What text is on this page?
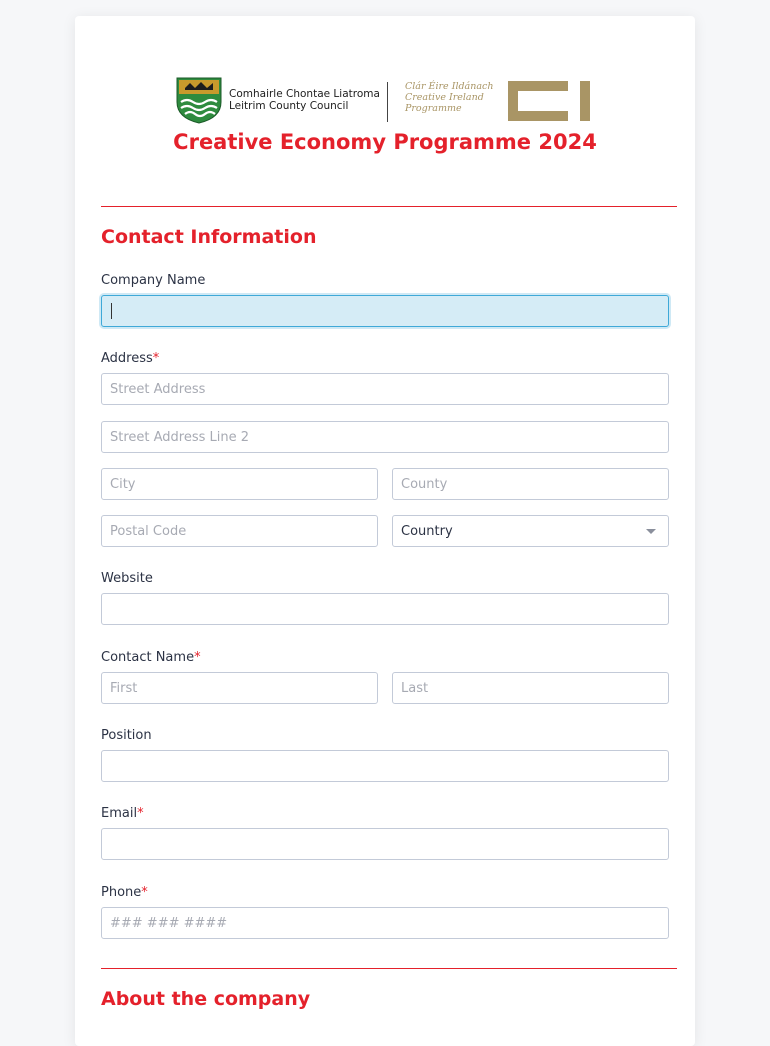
Comhairle Chontae Liatroma
Leitrim County Council
Clár Éire Ildánach
Creative Ireland
Programme
Creative Economy Programme 2024
Contact Information
Company Name
Address*
Street Address
Street Address Line 2
City
County
Postal Code
Country
Website
Contact Name*
First
Last
Position
Email*
Phone*
### ### ####
About the company
